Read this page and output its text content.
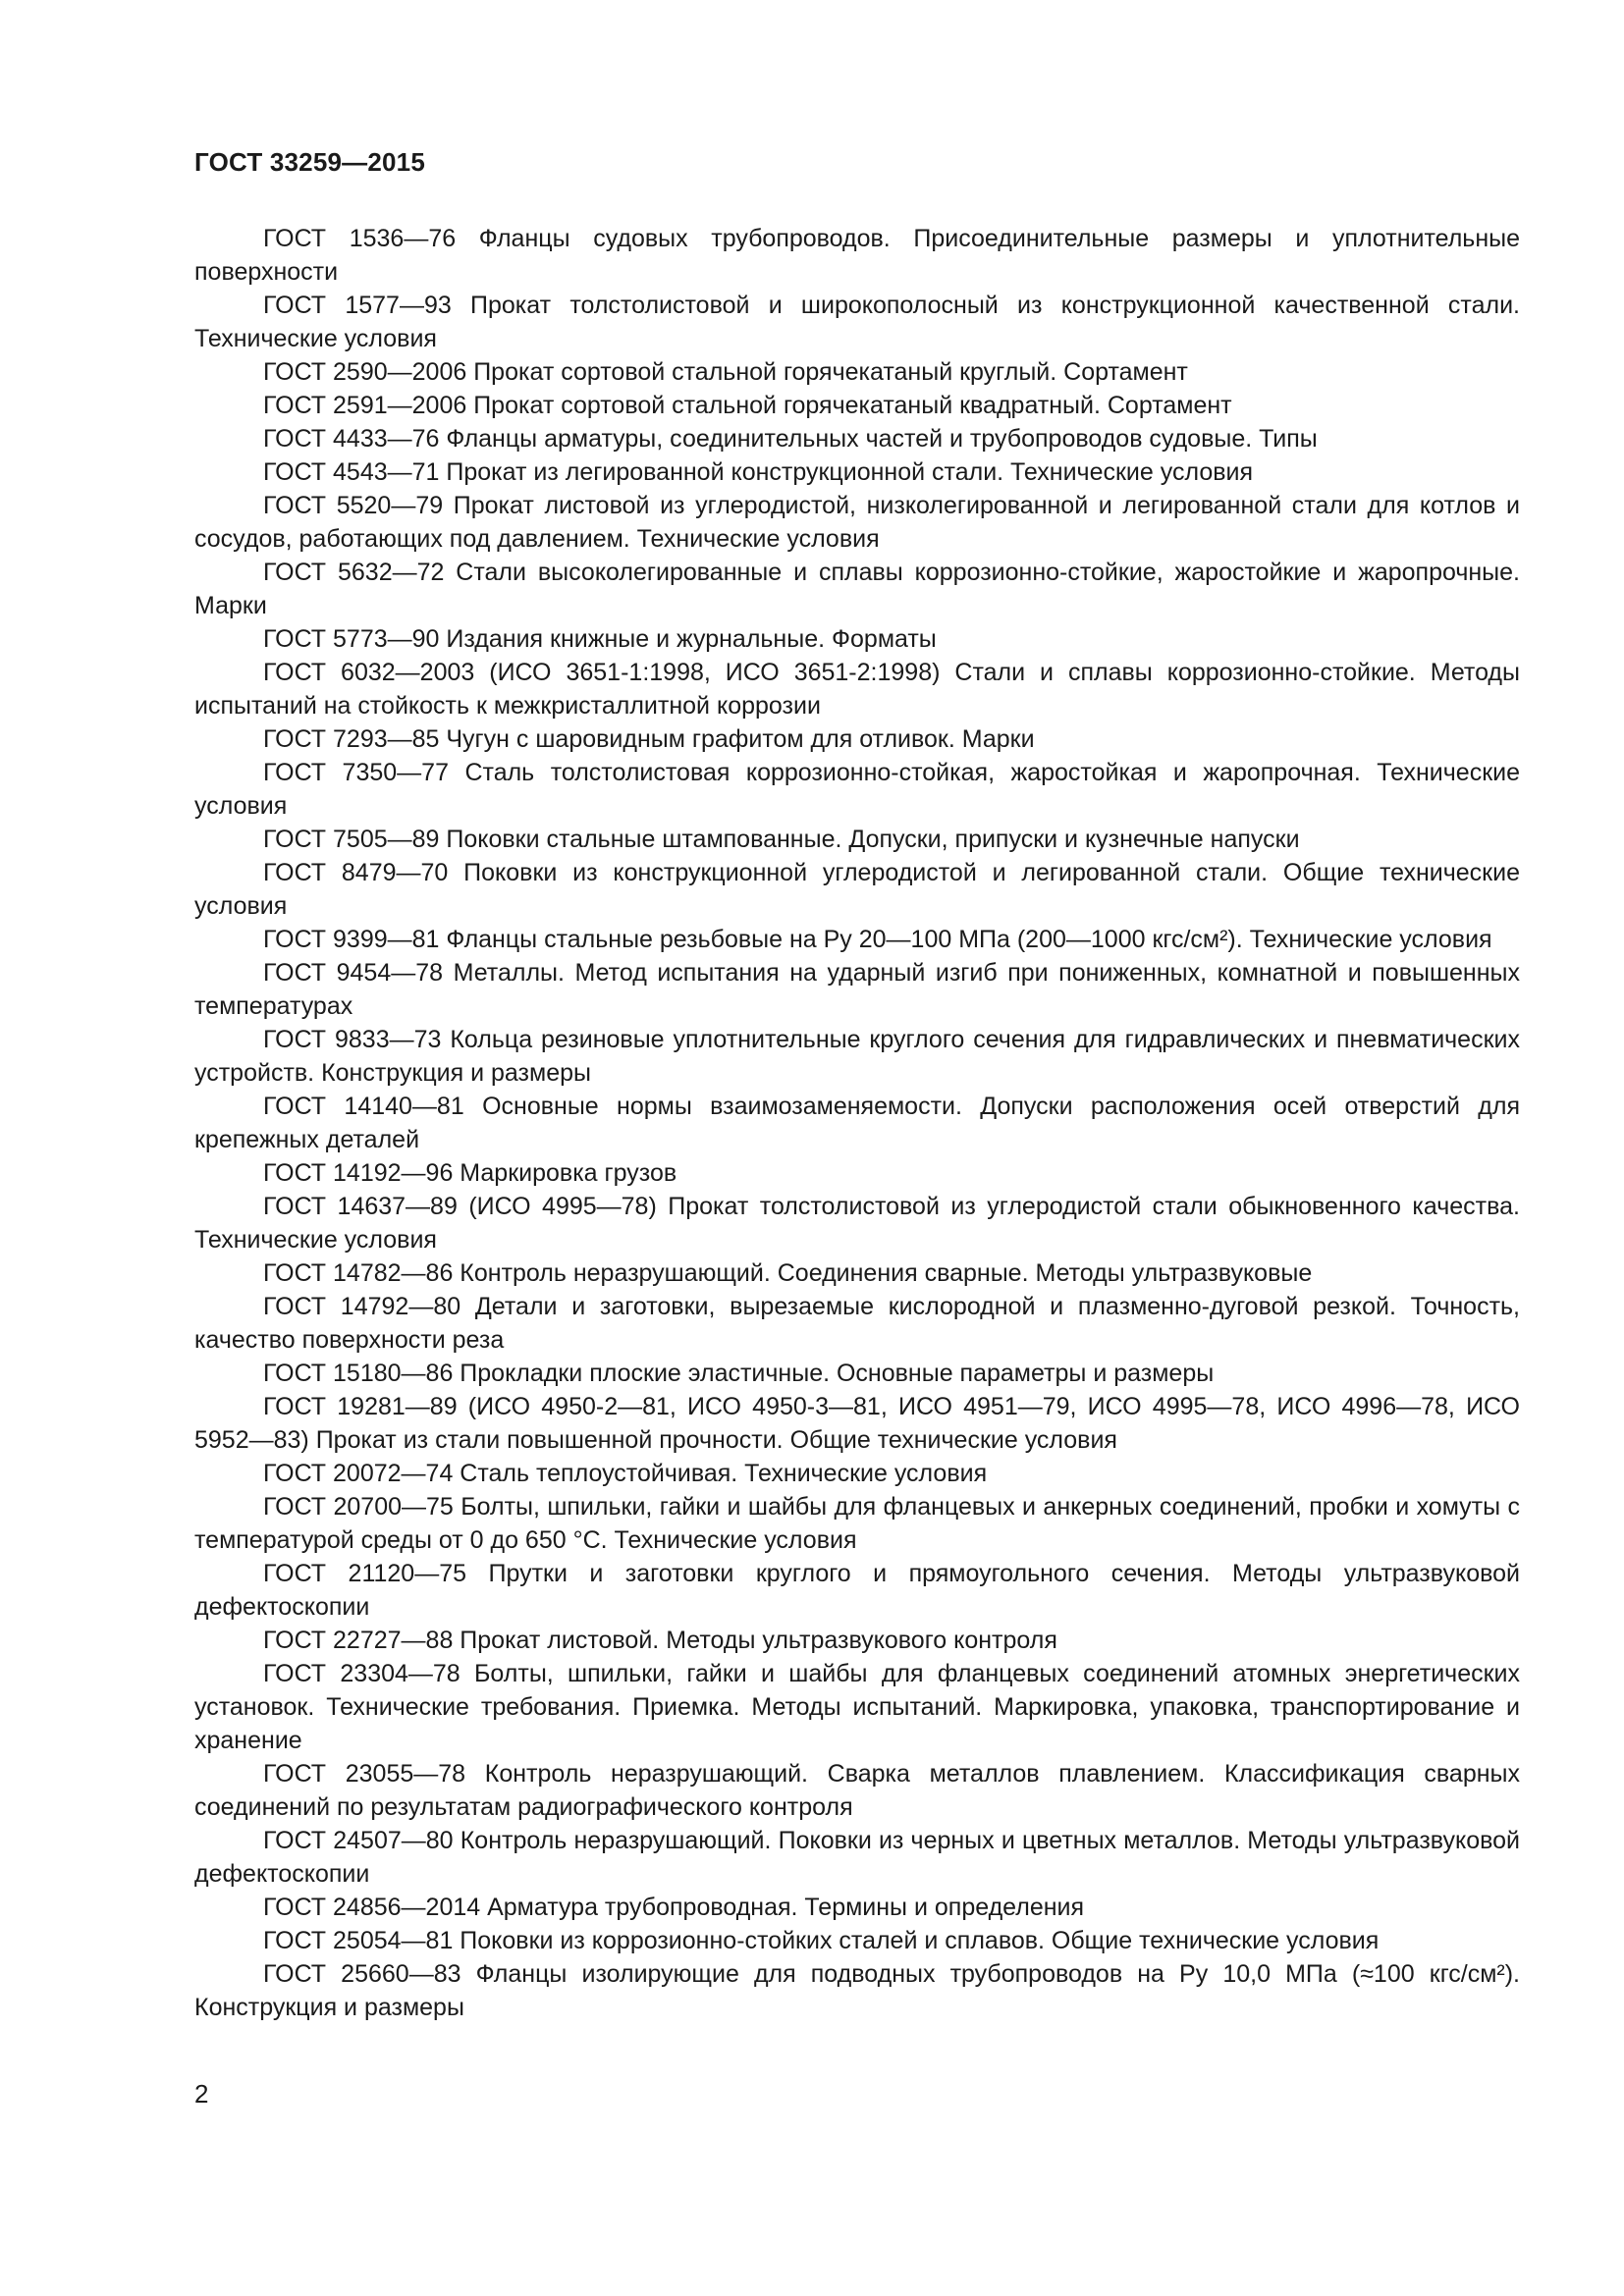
ГОСТ 33259—2015

ГОСТ 1536—76 Фланцы судовых трубопроводов. Присоединительные размеры и уплотнительные поверхности

ГОСТ 1577—93 Прокат толстолистовой и широкополосный из конструкционной качественной стали. Технические условия

ГОСТ 2590—2006 Прокат сортовой стальной горячекатаный круглый. Сортамент

ГОСТ 2591—2006 Прокат сортовой стальной горячекатаный квадратный. Сортамент

ГОСТ 4433—76 Фланцы арматуры, соединительных частей и трубопроводов судовые. Типы

ГОСТ 4543—71 Прокат из легированной конструкционной стали. Технические условия

ГОСТ 5520—79 Прокат листовой из углеродистой, низколегированной и легированной стали для котлов и сосудов, работающих под давлением. Технические условия

ГОСТ 5632—72 Стали высоколегированные и сплавы коррозионно-стойкие, жаростойкие и жаропрочные. Марки

ГОСТ 5773—90 Издания книжные и журнальные. Форматы

ГОСТ 6032—2003 (ИСО 3651-1:1998, ИСО 3651-2:1998) Стали и сплавы коррозионно-стойкие. Методы испытаний на стойкость к межкристаллитной коррозии

ГОСТ 7293—85 Чугун с шаровидным графитом для отливок. Марки

ГОСТ 7350—77 Сталь толстолистовая коррозионно-стойкая, жаростойкая и жаропрочная. Технические условия

ГОСТ 7505—89 Поковки стальные штампованные. Допуски, припуски и кузнечные напуски

ГОСТ 8479—70 Поковки из конструкционной углеродистой и легированной стали. Общие технические условия

ГОСТ 9399—81 Фланцы стальные резьбовые на Ру 20—100 МПа (200—1000 кгс/см²). Технические условия

ГОСТ 9454—78 Металлы. Метод испытания на ударный изгиб при пониженных, комнатной и повышенных температурах

ГОСТ 9833—73 Кольца резиновые уплотнительные круглого сечения для гидравлических и пневматических устройств. Конструкция и размеры

ГОСТ 14140—81 Основные нормы взаимозаменяемости. Допуски расположения осей отверстий для крепежных деталей

ГОСТ 14192—96 Маркировка грузов

ГОСТ 14637—89 (ИСО 4995—78) Прокат толстолистовой из углеродистой стали обыкновенного качества. Технические условия

ГОСТ 14782—86 Контроль неразрушающий. Соединения сварные. Методы ультразвуковые

ГОСТ 14792—80 Детали и заготовки, вырезаемые кислородной и плазменно-дуговой резкой. Точность, качество поверхности реза

ГОСТ 15180—86 Прокладки плоские эластичные. Основные параметры и размеры

ГОСТ 19281—89 (ИСО 4950-2—81, ИСО 4950-3—81, ИСО 4951—79, ИСО 4995—78, ИСО 4996—78, ИСО 5952—83) Прокат из стали повышенной прочности. Общие технические условия

ГОСТ 20072—74 Сталь теплоустойчивая. Технические условия

ГОСТ 20700—75 Болты, шпильки, гайки и шайбы для фланцевых и анкерных соединений, пробки и хомуты с температурой среды от 0 до 650 °С. Технические условия

ГОСТ 21120—75 Прутки и заготовки круглого и прямоугольного сечения. Методы ультразвуковой дефектоскопии

ГОСТ 22727—88 Прокат листовой. Методы ультразвукового контроля

ГОСТ 23304—78 Болты, шпильки, гайки и шайбы для фланцевых соединений атомных энергетических установок. Технические требования. Приемка. Методы испытаний. Маркировка, упаковка, транспортирование и хранение

ГОСТ 23055—78 Контроль неразрушающий. Сварка металлов плавлением. Классификация сварных соединений по результатам радиографического контроля

ГОСТ 24507—80 Контроль неразрушающий. Поковки из черных и цветных металлов. Методы ультразвуковой дефектоскопии

ГОСТ 24856—2014 Арматура трубопроводная. Термины и определения

ГОСТ 25054—81 Поковки из коррозионно-стойких сталей и сплавов. Общие технические условия

ГОСТ 25660—83 Фланцы изолирующие для подводных трубопроводов на Ру 10,0 МПа (≈100 кгс/см²). Конструкция и размеры

2
